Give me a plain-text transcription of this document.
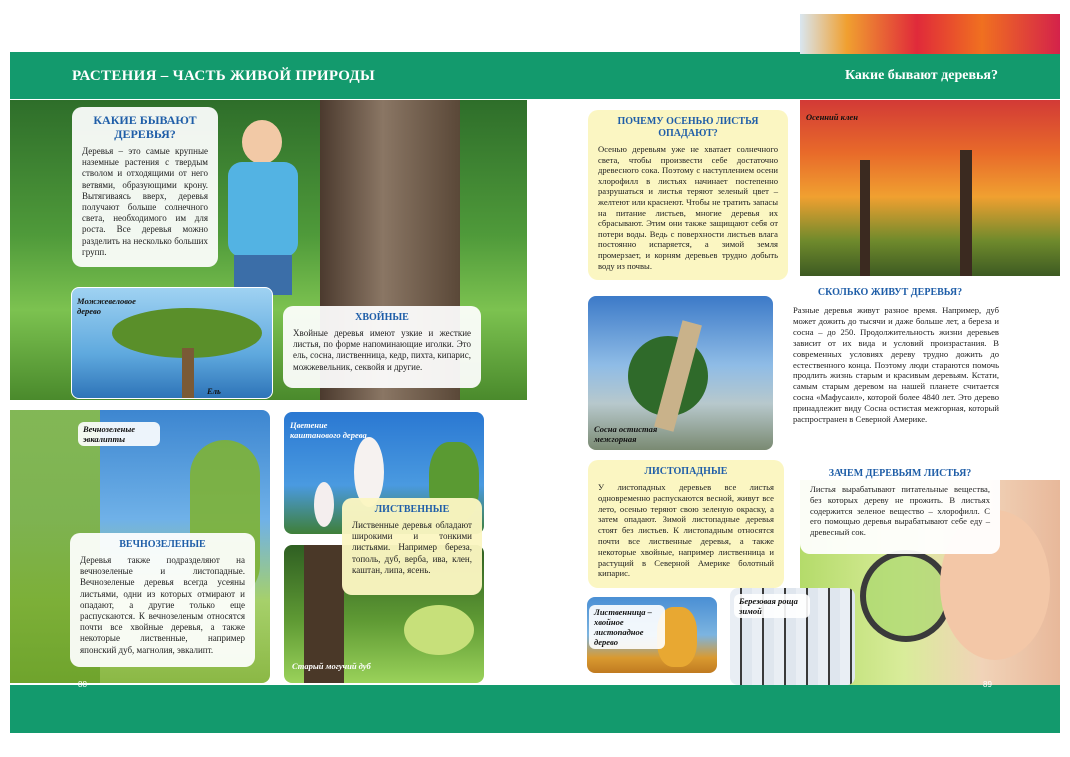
РАСТЕНИЯ – ЧАСТЬ ЖИВОЙ ПРИРОДЫ	Какие бывают деревья?
КАКИЕ БЫВАЮТ ДЕРЕВЬЯ?
Деревья – это самые крупные наземные растения с твердым стволом и отходящими от него ветвями, образующими крону. Вытягиваясь вверх, деревья получают больше солнечного света, необходимого им для роста. Все деревья можно разделить на несколько больших групп.
Можжевеловое дерево
Ель
ХВОЙНЫЕ
Хвойные деревья имеют узкие и жесткие листья, по форме напоминающие иголки. Это ель, сосна, лиственница, кедр, пихта, кипарис, можжевельник, секвойя и другие.
Вечнозеленые эвкалипты
ВЕЧНОЗЕЛЕНЫЕ
Деревья также подразделяют на вечнозеленые и листопадные. Вечнозеленые деревья всегда усеяны листьями, одни из которых отмирают и опадают, а другие только еще распускаются. К вечнозеленым относятся почти все хвойные деревья, а также некоторые лиственные, например японский дуб, магнолия, эвкалипт.
Цветение каштанового дерева
Старый могучий дуб
ЛИСТВЕННЫЕ
Лиственные деревья обладают широкими и тонкими листьями. Например береза, тополь, дуб, верба, ива, клен, каштан, липа, ясень.
ПОЧЕМУ ОСЕНЬЮ ЛИСТЬЯ ОПАДАЮТ?
Осенью деревьям уже не хватает солнечного света, чтобы произвести себе достаточно древесного сока. Поэтому с наступлением осени хлорофилл в листьях начинает постепенно разрушаться и листья теряют зеленый цвет – желтеют или краснеют. Чтобы не тратить запасы на питание листьев, многие деревья их сбрасывают. Этим они также защищают себя от потери воды. Ведь с поверхности листьев влага постоянно испаряется, а зимой земля промерзает, и корням деревьев трудно добыть воду из почвы.
Осенний клен
СКОЛЬКО ЖИВУТ ДЕРЕВЬЯ?
Разные деревья живут разное время. Например, дуб может дожить до тысячи и даже больше лет, а береза и сосна – до 250. Продолжительность жизни деревьев зависит от их вида и условий произрастания. В современных условиях дереву трудно дожить до естественного конца. Поэтому люди стараются помочь продлить жизнь старым и красивым деревьям. Кстати, самым старым деревом на нашей планете считается сосна «Мафусаил», которой более 4840 лет. Это дерево принадлежит виду Сосна остистая межгорная, который распространен в Северной Америке.
Сосна остистая межгорная
ЛИСТОПАДНЫЕ
У листопадных деревьев все листья одновременно распускаются весной, живут все лето, осенью теряют свою зеленую окраску, а затем опадают. Зимой листопадные деревья стоят без листьев. К листопадным относятся почти все лиственные деревья, а также некоторые хвойные, например лиственница и растущий в Северной Америке болотный кипарис.
ЗАЧЕМ ДЕРЕВЬЯМ ЛИСТЬЯ?
Листья вырабатывают питательные вещества, без которых дереву не прожить. В листьях содержится зеленое вещество – хлорофилл. С его помощью деревья вырабатывают себе еду – древесный сок.
Лиственница – хвойное листопадное дерево
Березовая роща зимой
88	89
